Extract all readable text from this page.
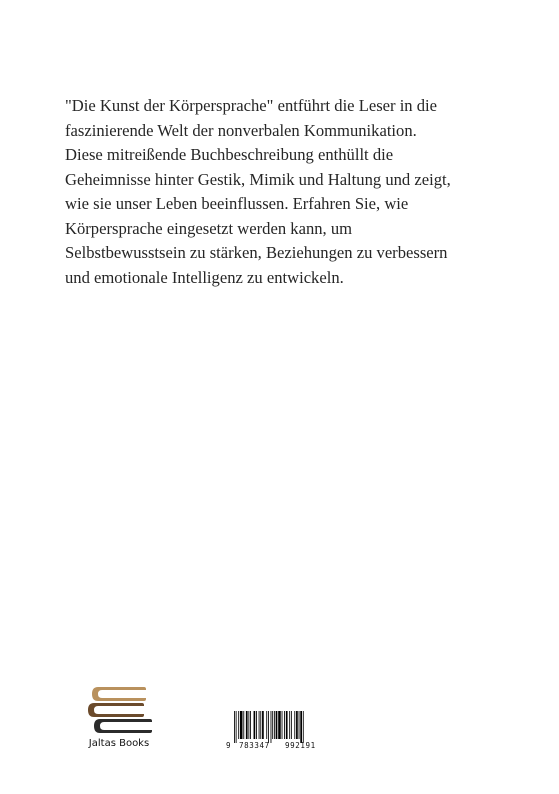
"Die Kunst der Körpersprache" entführt die Leser in die
faszinierende Welt der nonverbalen Kommunikation.
Diese mitreißende Buchbeschreibung enthüllt die
Geheimnisse hinter Gestik, Mimik und Haltung und zeigt,
wie sie unser Leben beeinflussen. Erfahren Sie, wie
Körpersprache eingesetzt werden kann, um
Selbstbewusstsein zu stärken, Beziehungen zu verbessern
und emotionale Intelligenz zu entwickeln.
Jaltas Books	9 783347 992191
